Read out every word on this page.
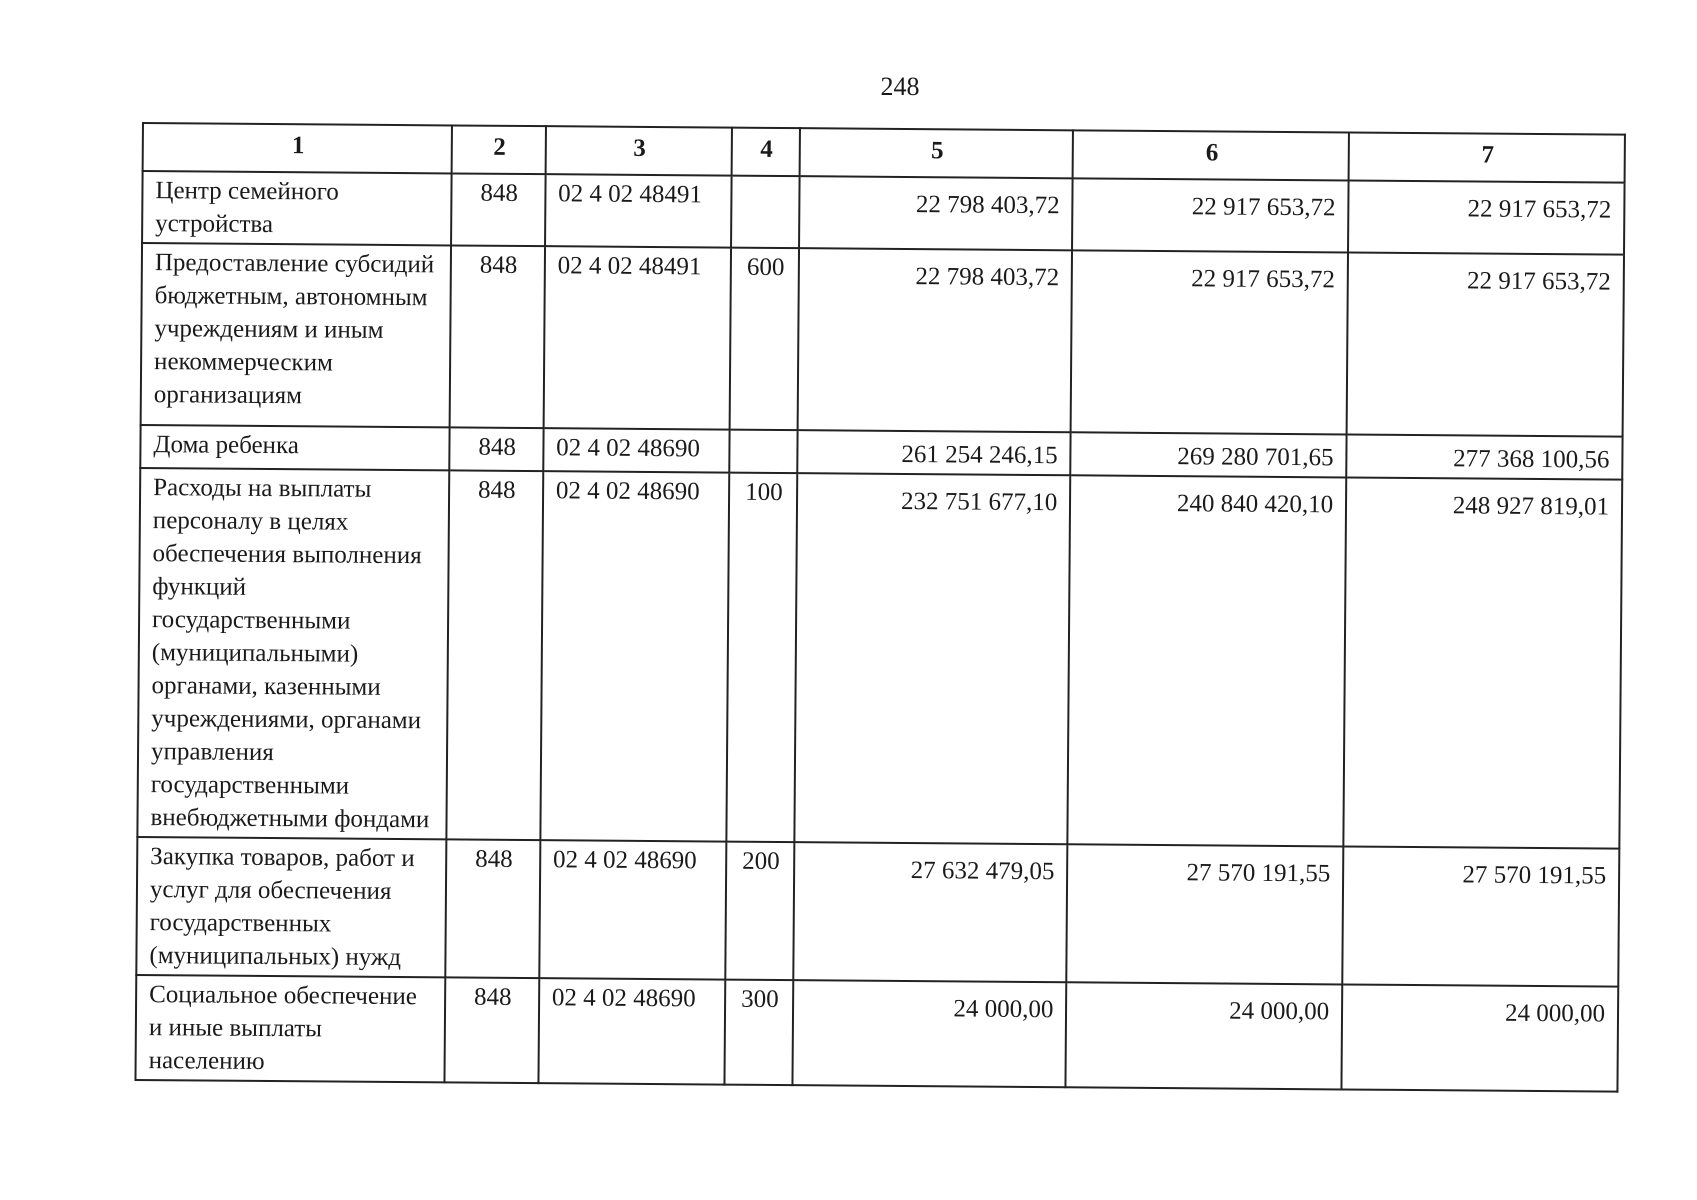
248
1	2	3	4	5	6	7
Центр семейного устройства	848	02 4 02 48491		22 798 403,72	22 917 653,72	22 917 653,72
Предоставление субсидий бюджетным, автономным учреждениям и иным некоммерческим организациям	848	02 4 02 48491	600	22 798 403,72	22 917 653,72	22 917 653,72
Дома ребенка	848	02 4 02 48690		261 254 246,15	269 280 701,65	277 368 100,56
Расходы на выплаты персоналу в целях обеспечения выполнения функций государственными (муниципальными) органами, казенными учреждениями, органами управления государственными внебюджетными фондами	848	02 4 02 48690	100	232 751 677,10	240 840 420,10	248 927 819,01
Закупка товаров, работ и услуг для обеспечения государственных (муниципальных) нужд	848	02 4 02 48690	200	27 632 479,05	27 570 191,55	27 570 191,55
Социальное обеспечение и иные выплаты населению	848	02 4 02 48690	300	24 000,00	24 000,00	24 000,00
